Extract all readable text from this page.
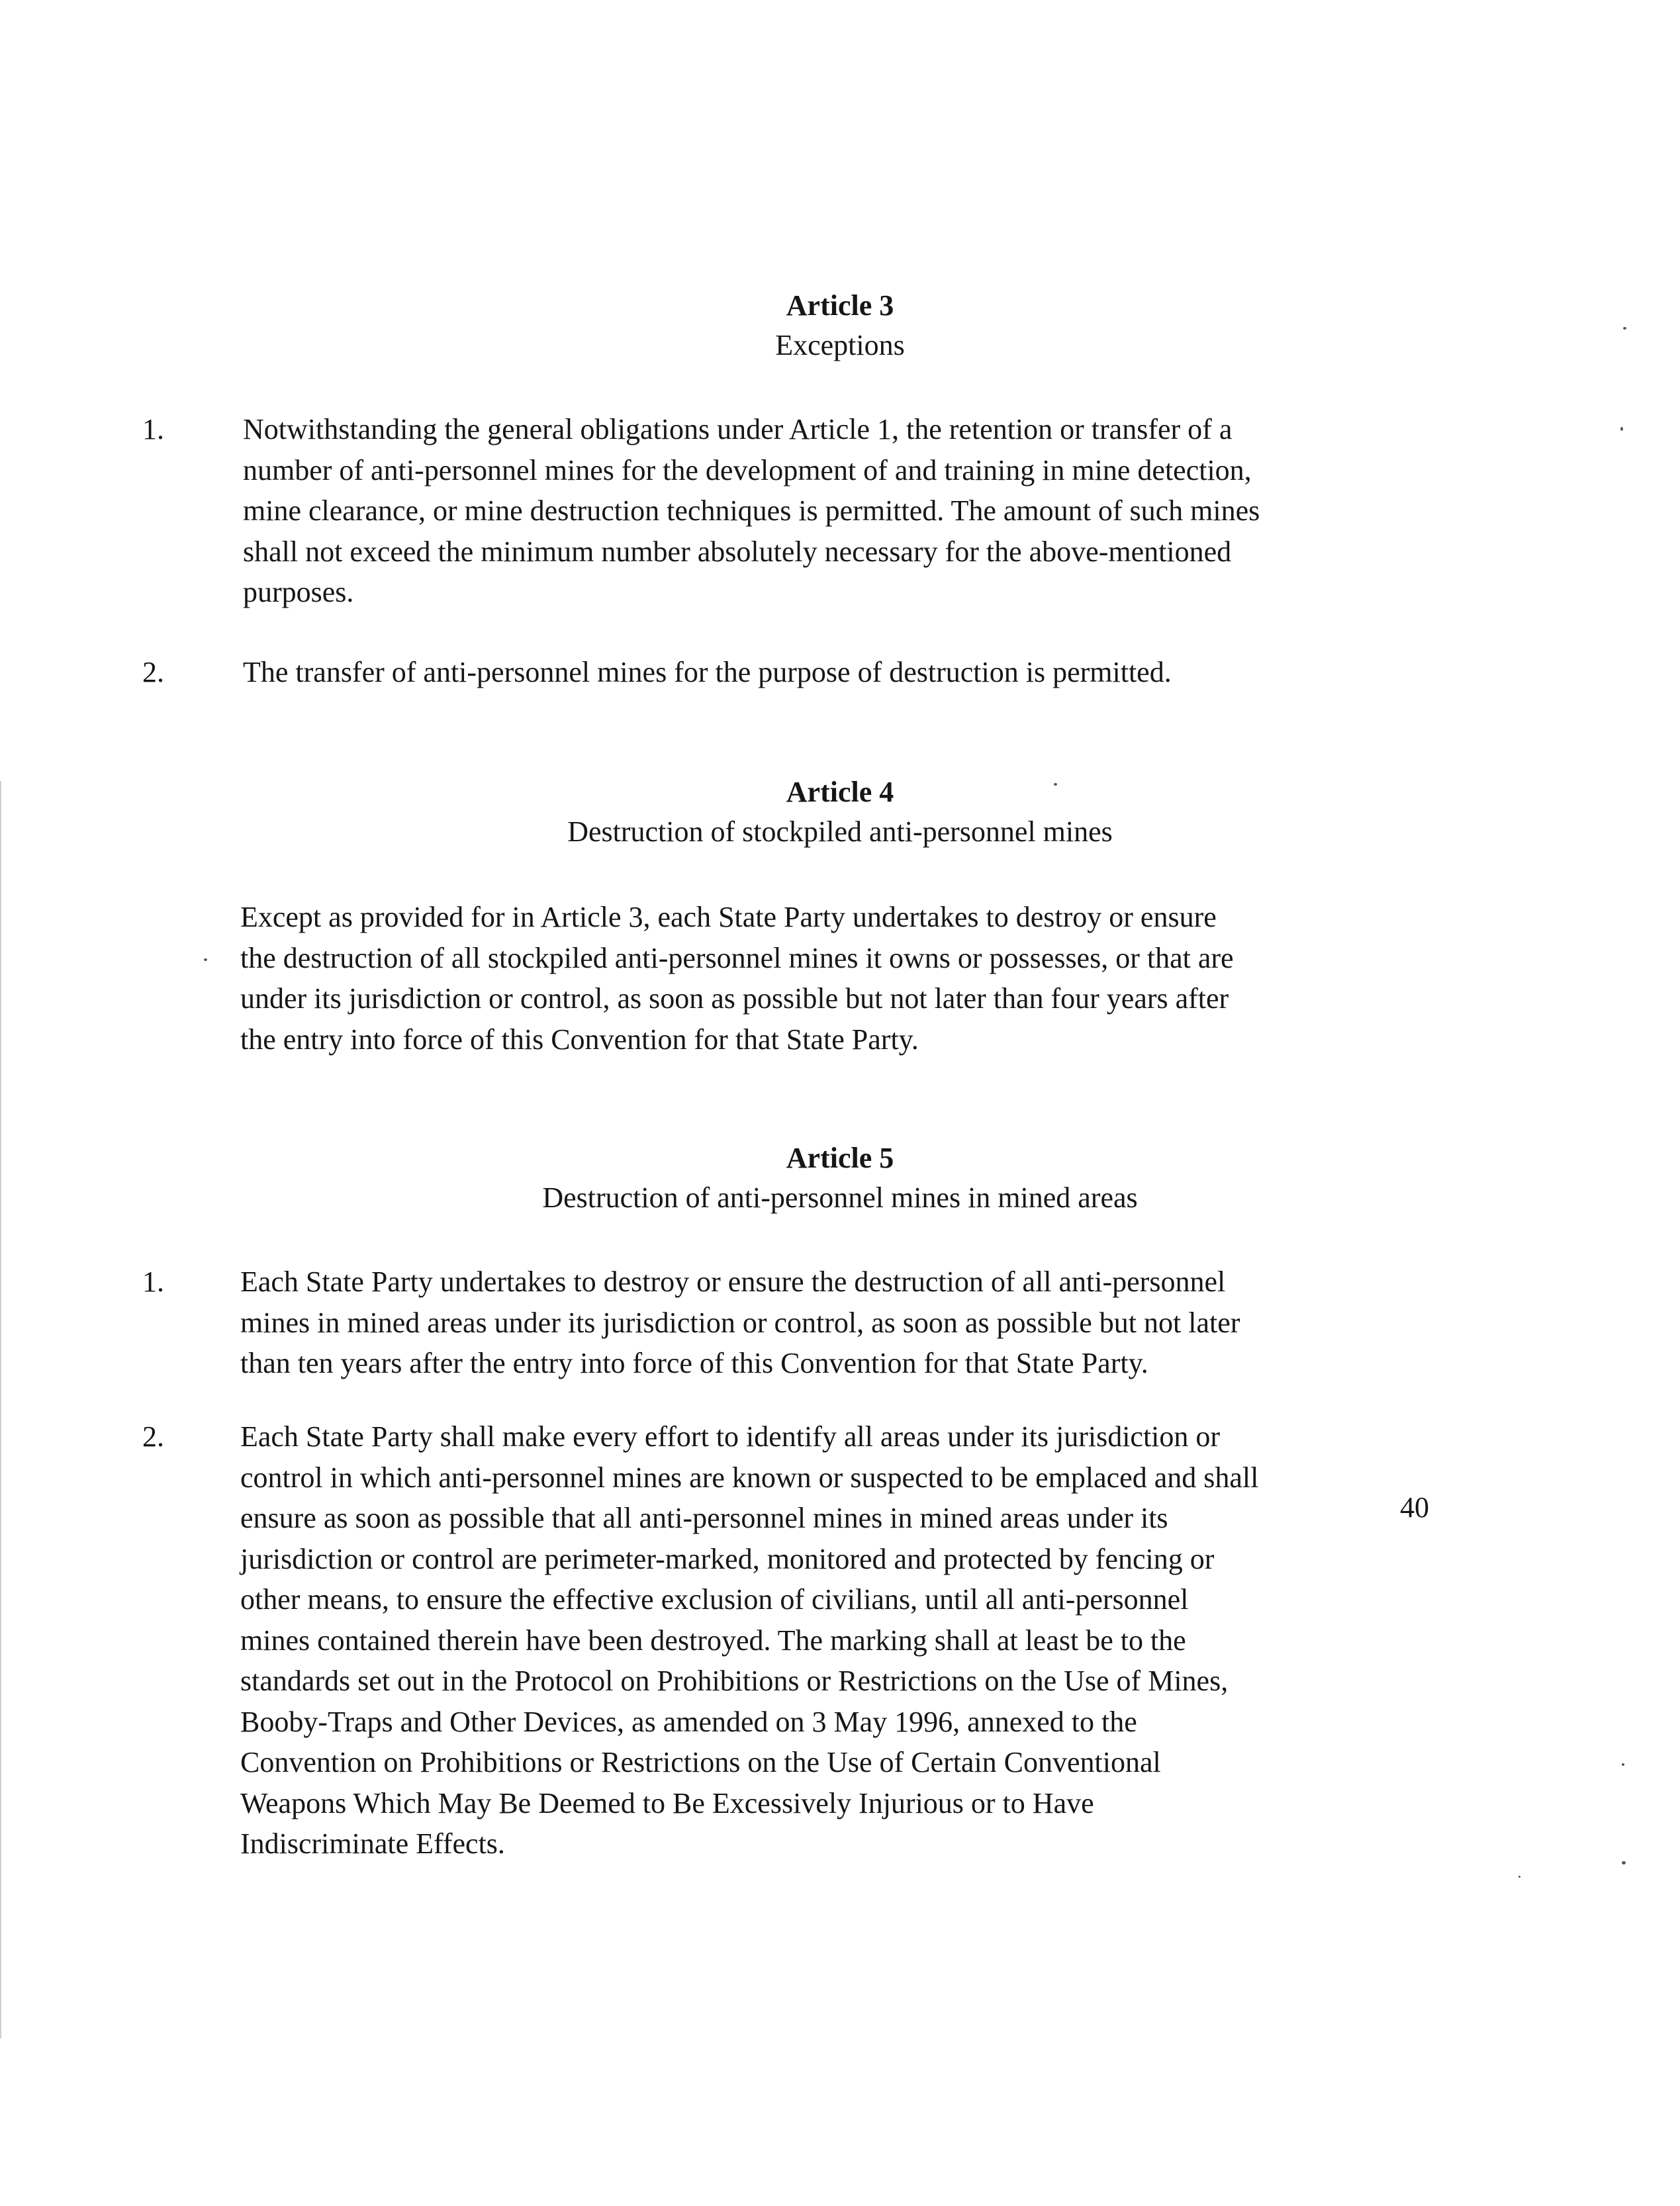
Article 3
Exceptions
1.	Notwithstanding the general obligations under Article 1, the retention or transfer of a
number of anti-personnel mines for the development of and training in mine detection,
mine clearance, or mine destruction techniques is permitted. The amount of such mines
shall not exceed the minimum number absolutely necessary for the above-mentioned
purposes.

2.	The transfer of anti-personnel mines for the purpose of destruction is permitted.

Article 4
Destruction of stockpiled anti-personnel mines

Except as provided for in Article 3, each State Party undertakes to destroy or ensure
the destruction of all stockpiled anti-personnel mines it owns or possesses, or that are
under its jurisdiction or control, as soon as possible but not later than four years after
the entry into force of this Convention for that State Party.

Article 5
Destruction of anti-personnel mines in mined areas
1.	Each State Party undertakes to destroy or ensure the destruction of all anti-personnel
mines in mined areas under its jurisdiction or control, as soon as possible but not later
than ten years after the entry into force of this Convention for that State Party.

2.	Each State Party shall make every effort to identify all areas under its jurisdiction or
control in which anti-personnel mines are known or suspected to be emplaced and shall
ensure as soon as possible that all anti-personnel mines in mined areas under its
jurisdiction or control are perimeter-marked, monitored and protected by fencing or
other means, to ensure the effective exclusion of civilians, until all anti-personnel
mines contained therein have been destroyed. The marking shall at least be to the
standards set out in the Protocol on Prohibitions or Restrictions on the Use of Mines,
Booby-Traps and Other Devices, as amended on 3 May 1996, annexed to the
Convention on Prohibitions or Restrictions on the Use of Certain Conventional
Weapons Which May Be Deemed to Be Excessively Injurious or to Have
Indiscriminate Effects.

40
